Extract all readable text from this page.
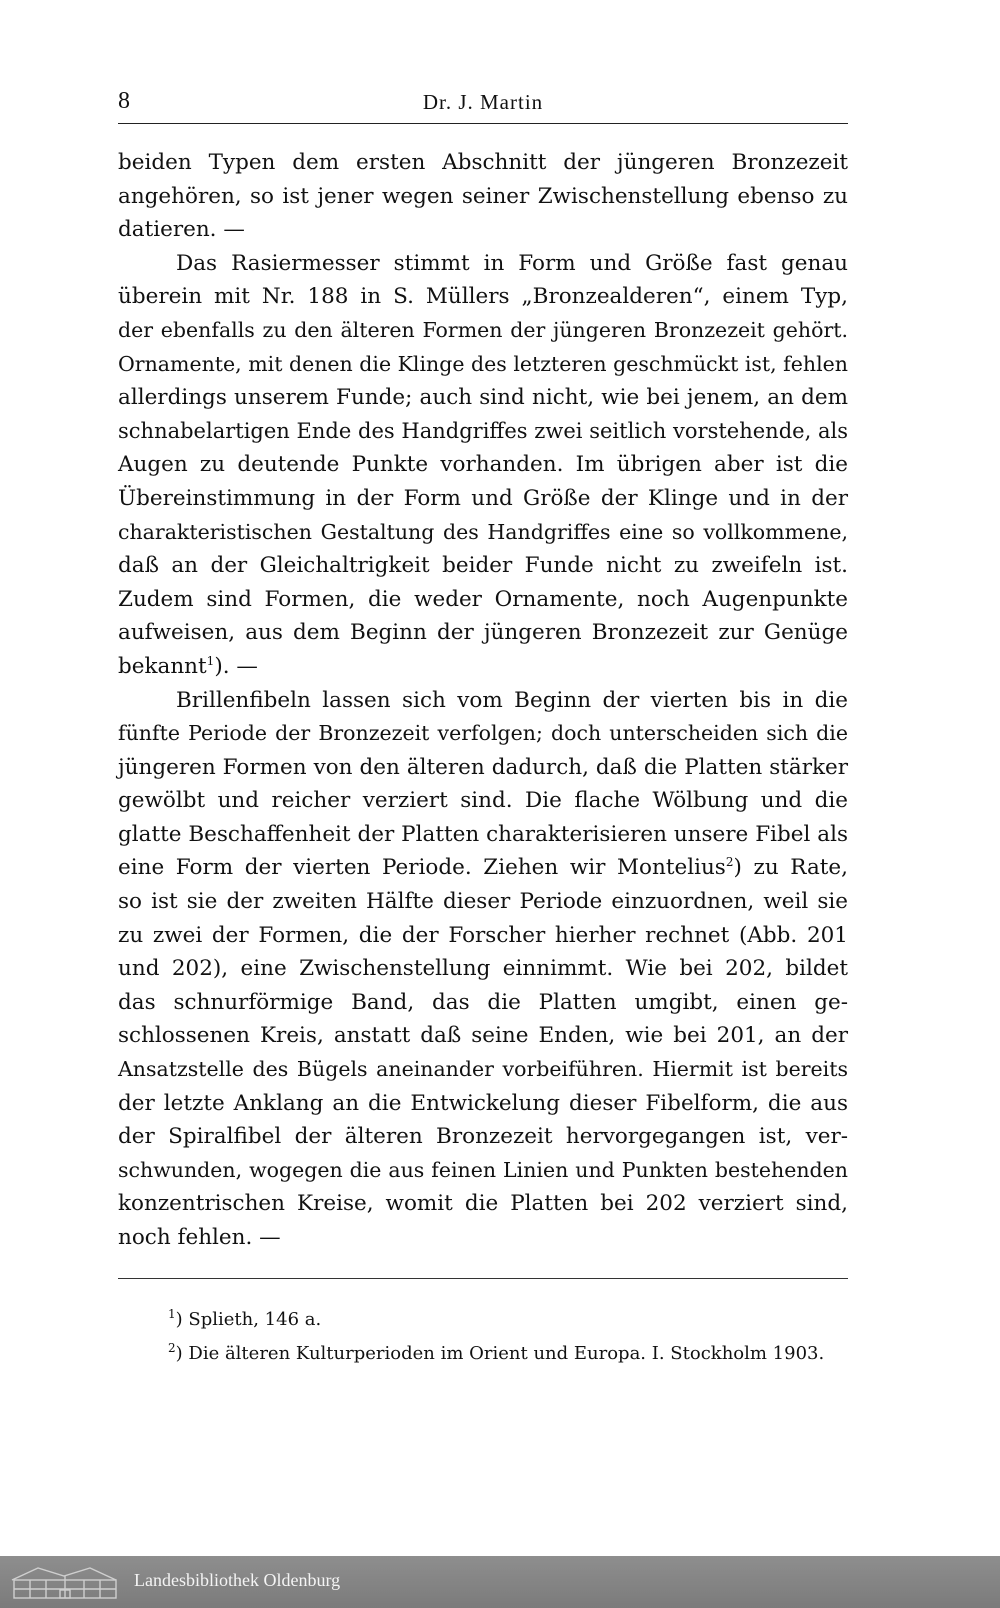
8	Dr. J. Martin
beiden Typen dem ersten Abschnitt der jüngeren Bronzezeit
angehören, so ist jener wegen seiner Zwischenstellung ebenso zu
datieren. —
Das Rasiermesser stimmt in Form und Größe fast genau
überein mit Nr. 188 in S. Müllers „Bronzealderen“, einem Typ,
der ebenfalls zu den älteren Formen der jüngeren Bronzezeit gehört.
Ornamente, mit denen die Klinge des letzteren geschmückt ist, fehlen
allerdings unserem Funde; auch sind nicht, wie bei jenem, an dem
schnabelartigen Ende des Handgriffes zwei seitlich vorstehende, als
Augen zu deutende Punkte vorhanden. Im übrigen aber ist die
Übereinstimmung in der Form und Größe der Klinge und in der
charakteristischen Gestaltung des Handgriffes eine so vollkommene,
daß an der Gleichaltrigkeit beider Funde nicht zu zweifeln ist.
Zudem sind Formen, die weder Ornamente, noch Augenpunkte
aufweisen, aus dem Beginn der jüngeren Bronzezeit zur Genüge
bekannt$^1$). —
Brillenfibeln lassen sich vom Beginn der vierten bis in die
fünfte Periode der Bronzezeit verfolgen; doch unterscheiden sich die
jüngeren Formen von den älteren dadurch, daß die Platten stärker
gewölbt und reicher verziert sind. Die flache Wölbung und die
glatte Beschaffenheit der Platten charakterisieren unsere Fibel als
eine Form der vierten Periode. Ziehen wir Montelius$^2$) zu Rate,
so ist sie der zweiten Hälfte dieser Periode einzuordnen, weil sie
zu zwei der Formen, die der Forscher hierher rechnet (Abb. 201
und 202), eine Zwischenstellung einnimmt. Wie bei 202, bildet
das schnurförmige Band, das die Platten umgibt, einen ge-
schlossenen Kreis, anstatt daß seine Enden, wie bei 201, an der
Ansatzstelle des Bügels aneinander vorbeiführen. Hiermit ist bereits
der letzte Anklang an die Entwickelung dieser Fibelform, die aus
der Spiralfibel der älteren Bronzezeit hervorgegangen ist, ver-
schwunden, wogegen die aus feinen Linien und Punkten bestehenden
konzentrischen Kreise, womit die Platten bei 202 verziert sind,
noch fehlen. —
$^1$) Splieth, 146 a.
$^2$) Die älteren Kulturperioden im Orient und Europa. I. Stockholm 1903.
Landesbibliothek Oldenburg
